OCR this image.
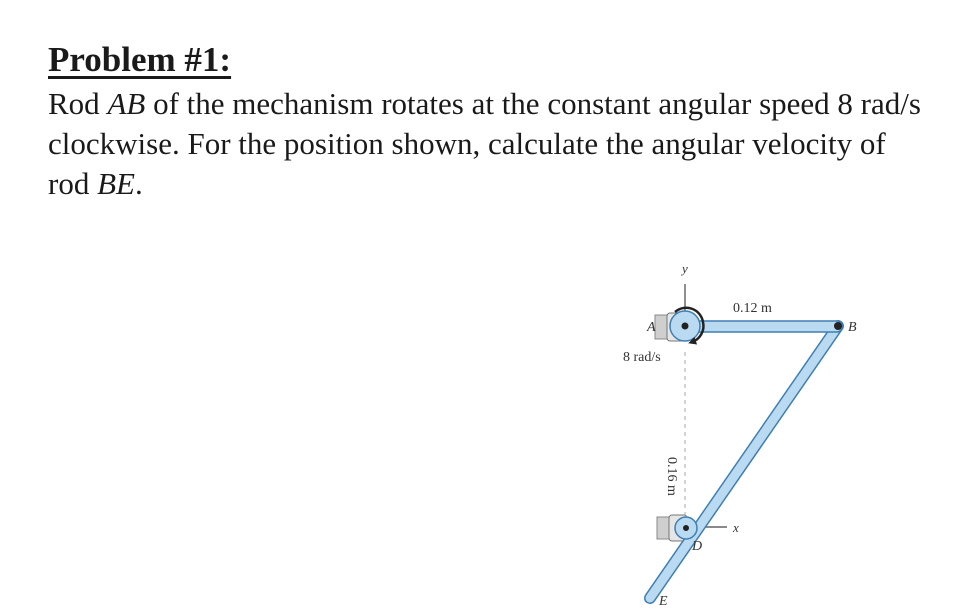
Problem #1:

Rod AB of the mechanism rotates at the constant angular speed 8 rad/s clockwise. For the position shown, calculate the angular velocity of rod BE.

y
0.12 m
A	B
8 rad/s
0.16 m
x
D
E
